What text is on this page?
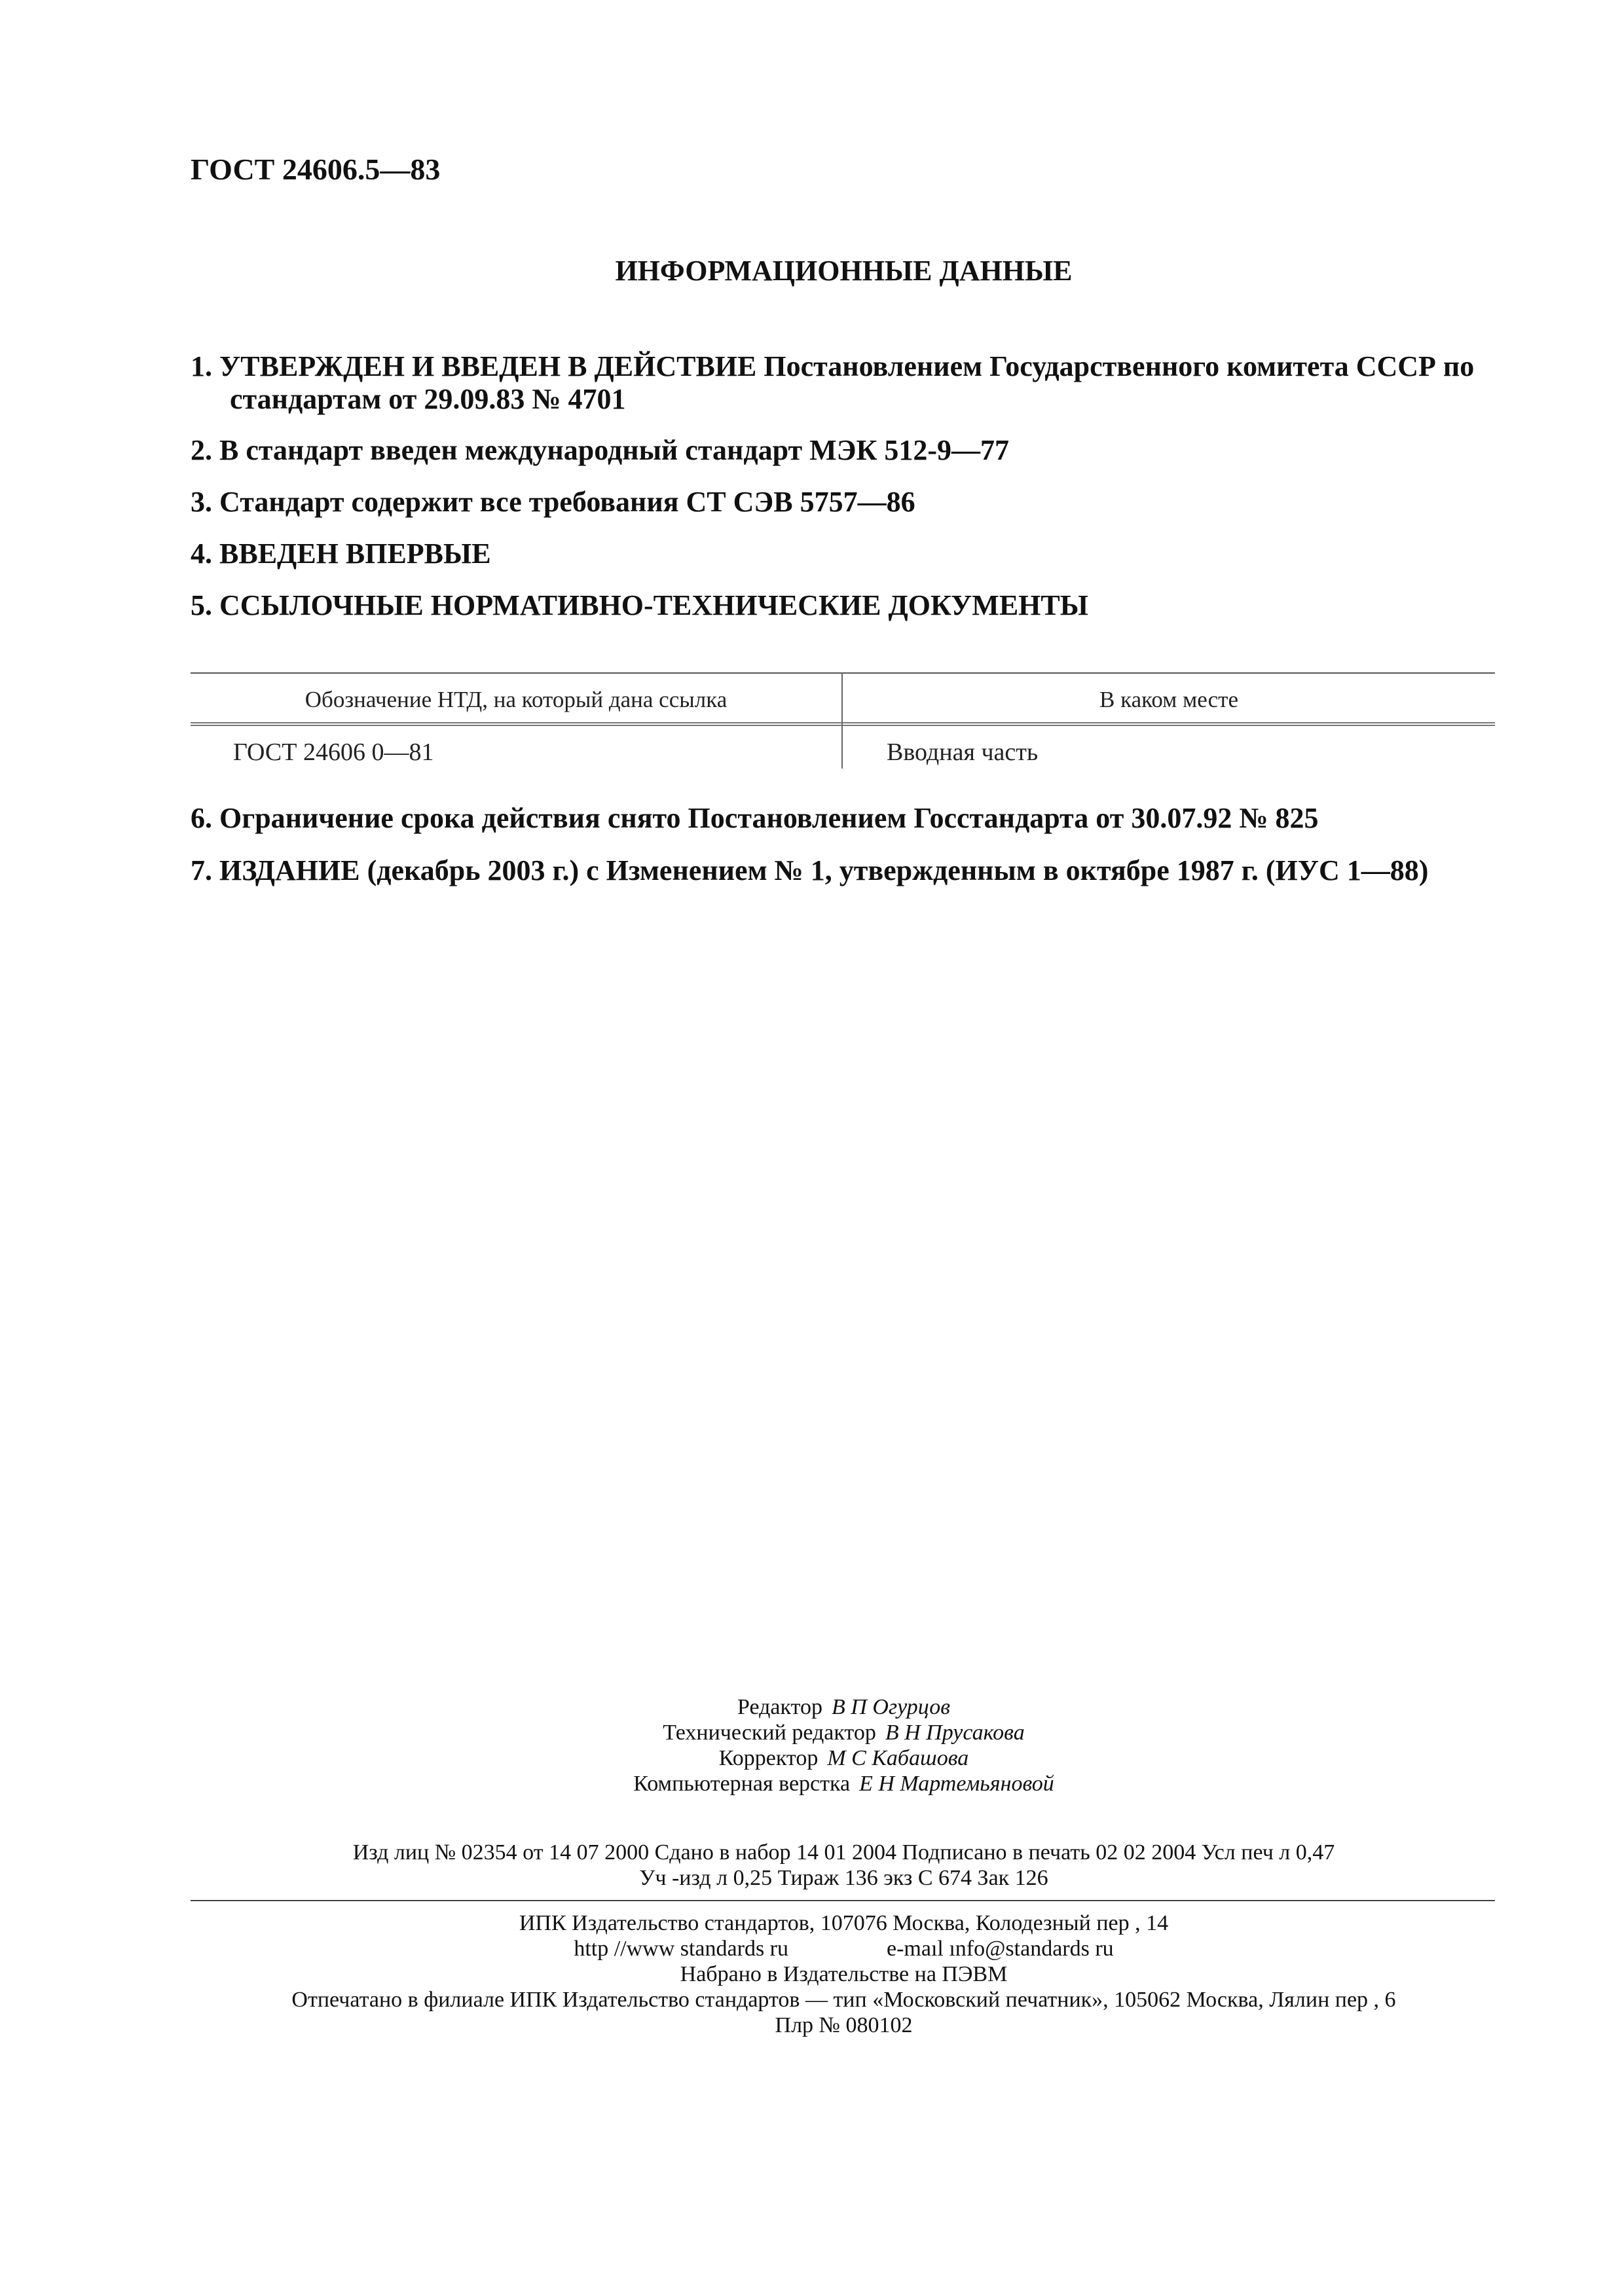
ГОСТ 24606.5—83
ИНФОРМАЦИОННЫЕ ДАННЫЕ
1. УТВЕРЖДЕН И ВВЕДЕН В ДЕЙСТВИЕ Постановлением Государственного комитета СССР по
стандартам от 29.09.83 № 4701
2. В стандарт введен международный стандарт МЭК 512-9—77
3. Стандарт содержит все требования СТ СЭВ 5757—86
4. ВВЕДЕН ВПЕРВЫЕ
5. ССЫЛОЧНЫЕ НОРМАТИВНО-ТЕХНИЧЕСКИЕ ДОКУМЕНТЫ
Обозначение НТД, на который дана ссылка	В каком месте
ГОСТ 24606 0—81	Вводная часть
6. Ограничение срока действия снято Постановлением Госстандарта от 30.07.92 № 825
7. ИЗДАНИЕ (декабрь 2003 г.) с Изменением № 1, утвержденным в октябре 1987 г. (ИУС 1—88)
Редактор В П Огурцов
Технический редактор В Н Прусакова
Корректор М С Кабашова
Компьютерная верстка Е Н Мартемьяновой
Изд лиц № 02354 от 14 07 2000 Сдано в набор 14 01 2004 Подписано в печать 02 02 2004 Усл печ л 0,47
Уч -изд л 0,25 Тираж 136 экз С 674 Зак 126
ИПК Издательство стандартов, 107076 Москва, Колодезный пер , 14
http //www standards ru	e-maıl ınfo@standards ru
Набрано в Издательстве на ПЭВМ
Отпечатано в филиале ИПК Издательство стандартов — тип «Московский печатник», 105062 Москва, Лялин пер , 6
Плр № 080102
